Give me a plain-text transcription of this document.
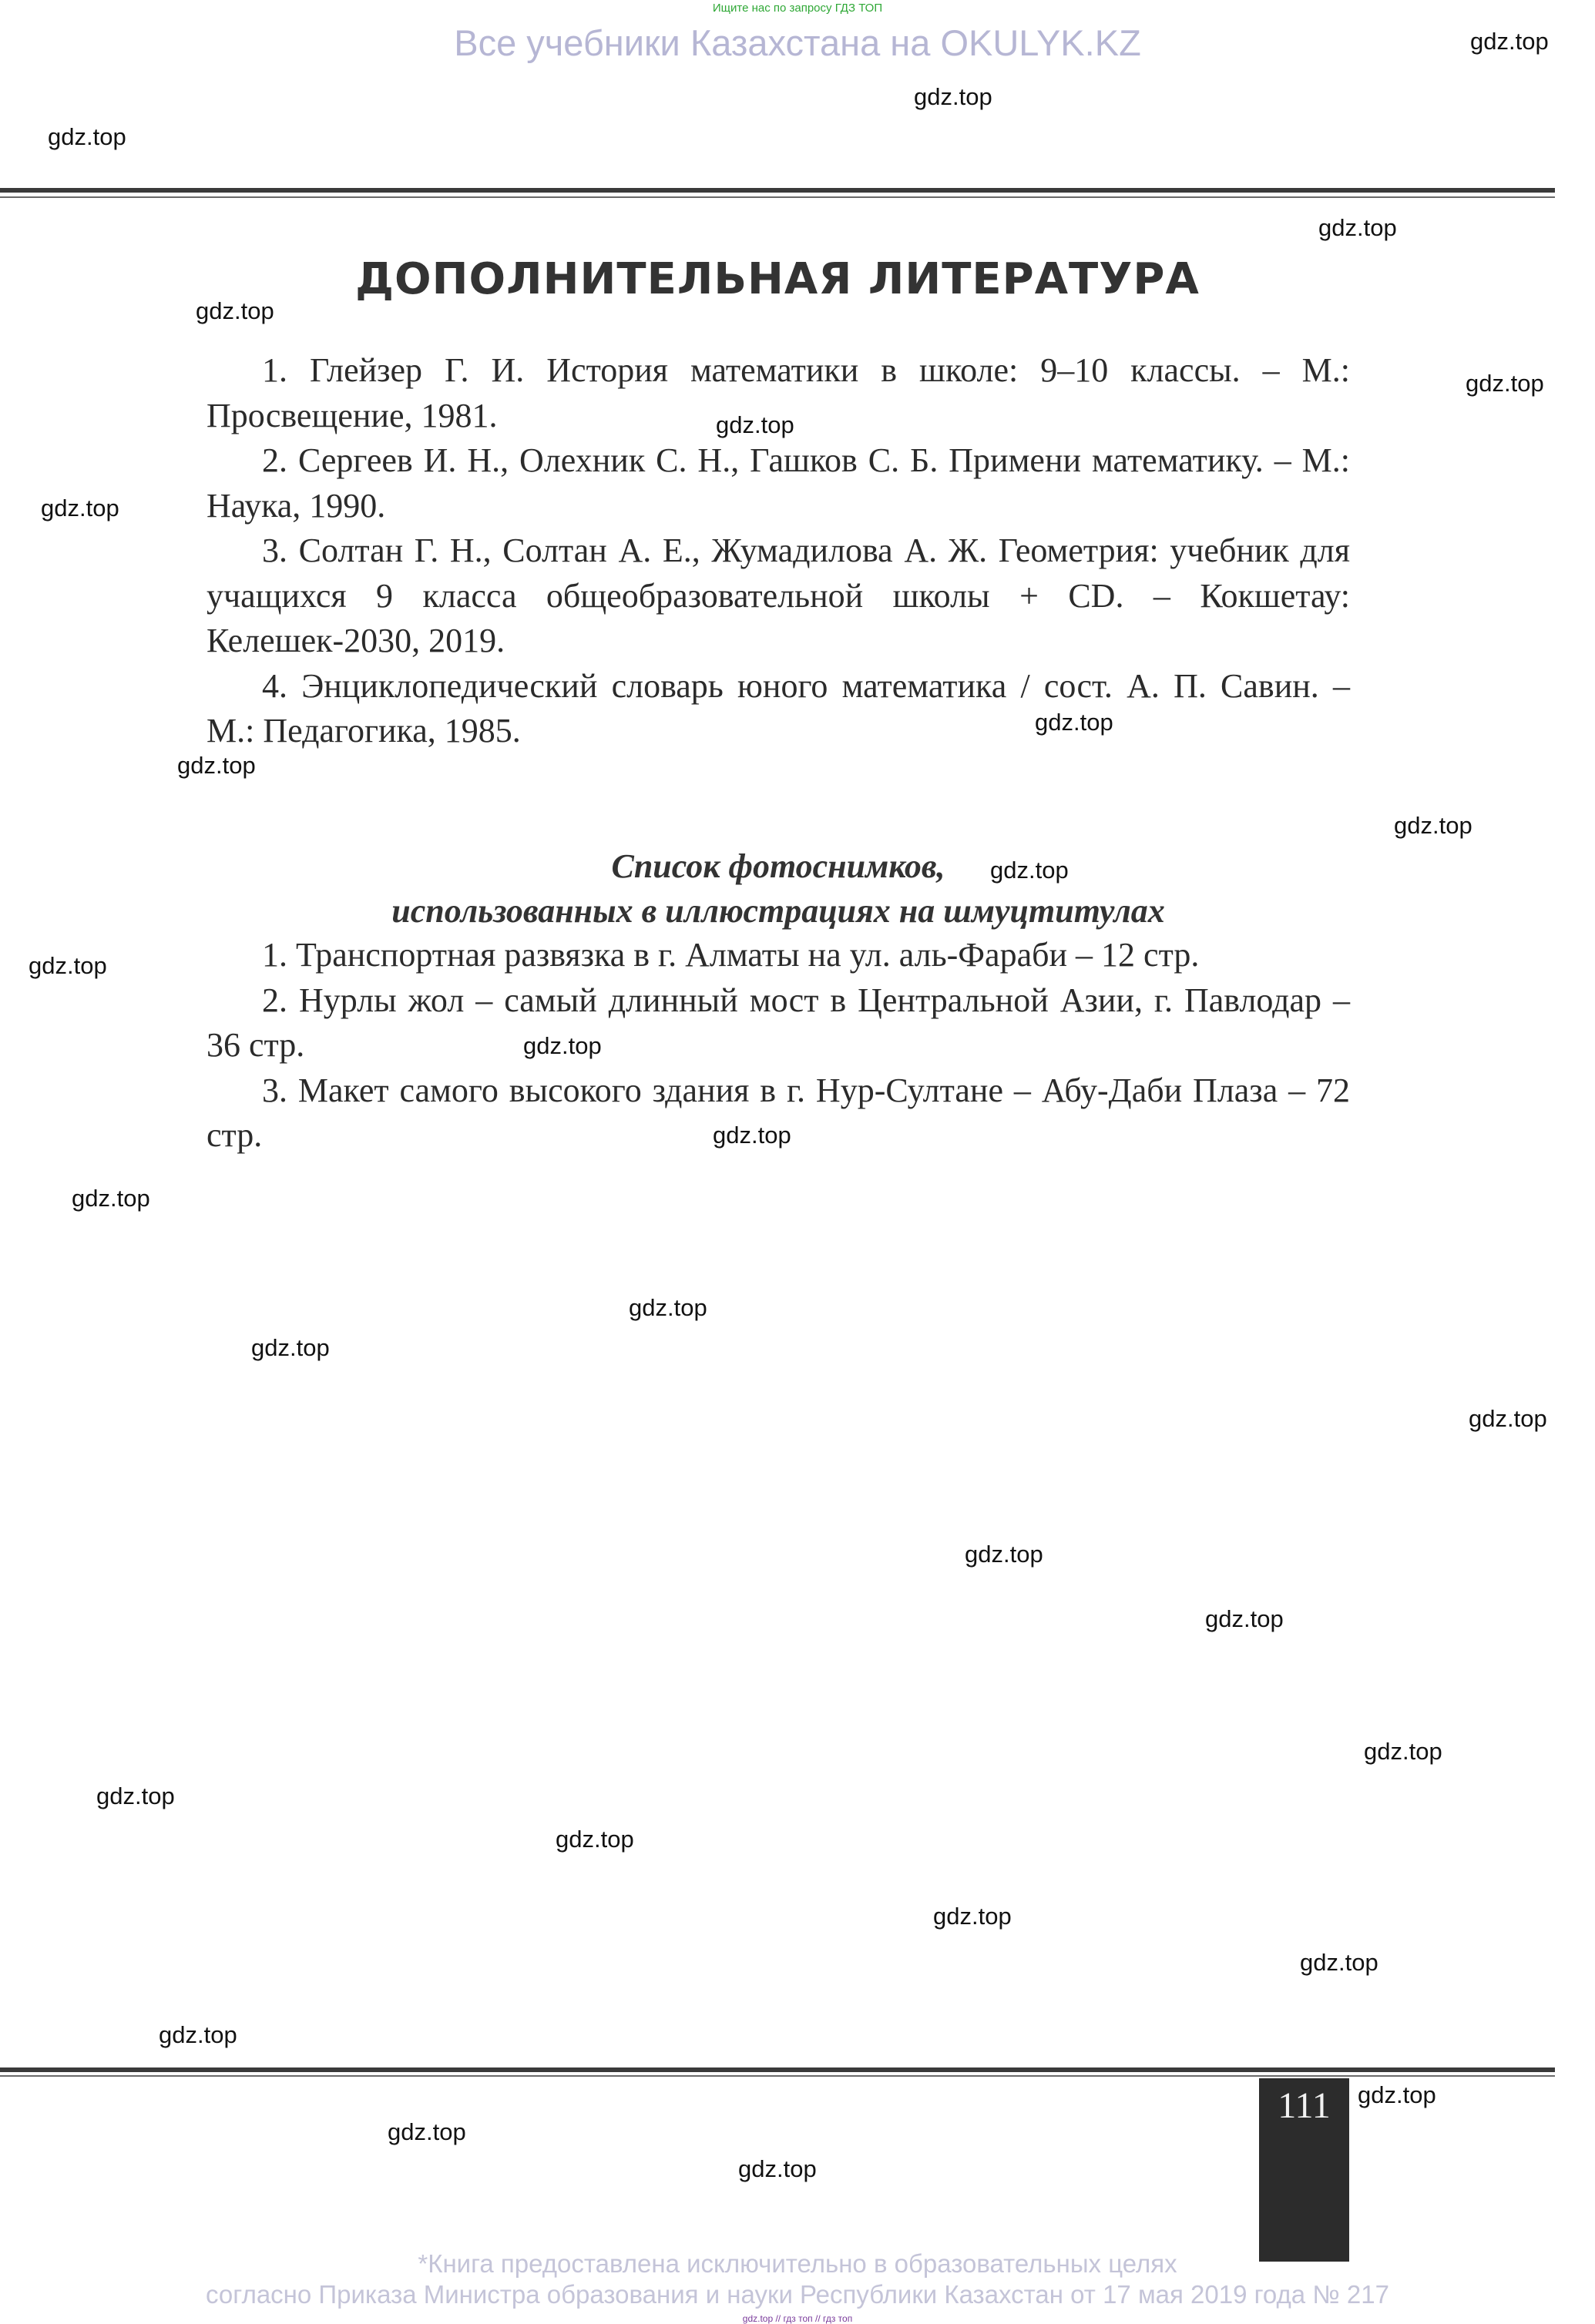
Ищите нас по запросу ГДЗ ТОП
Все учебники Казахстана на OKULYK.KZ
ДОПОЛНИТЕЛЬНАЯ ЛИТЕРАТУРА

1. Глейзер Г. И. История математики в школе: 9–10 классы. – М.: Просвещение, 1981.

2. Сергеев И. Н., Олехник С. Н., Гашков С. Б. Примени математику. – М.: Наука, 1990.

3. Солтан Г. Н., Солтан А. Е., Жумадилова А. Ж. Геометрия: учебник для учащихся 9 класса общеобразовательной школы + CD. – Кокшетау: Келешек-2030, 2019.

4. Энциклопедический словарь юного математика / сост. А. П. Савин. – М.: Педагогика, 1985.

Список фотоснимков,
использованных в иллюстрациях на шмуцтитулах

1. Транспортная развязка в г. Алматы на ул. аль-Фараби – 12 стр.

2. Нурлы жол – самый длинный мост в Центральной Азии, г. Павлодар – 36 стр.

3. Макет самого высокого здания в г. Нур-Султане – Абу-Даби Плаза – 72 стр.

111
*Книга предоставлена исключительно в образовательных целях
согласно Приказа Министра образования и науки Республики Казахстан от 17 мая 2019 года № 217
gdz.top // гдз топ // гдз топ
gdz.top
gdz.top
gdz.top
gdz.top
gdz.top
gdz.top
gdz.top
gdz.top
gdz.top
gdz.top
gdz.top
gdz.top
gdz.top
gdz.top
gdz.top
gdz.top
gdz.top
gdz.top
gdz.top
gdz.top
gdz.top
gdz.top
gdz.top
gdz.top
gdz.top
gdz.top
gdz.top
gdz.top
gdz.top
gdz.top
